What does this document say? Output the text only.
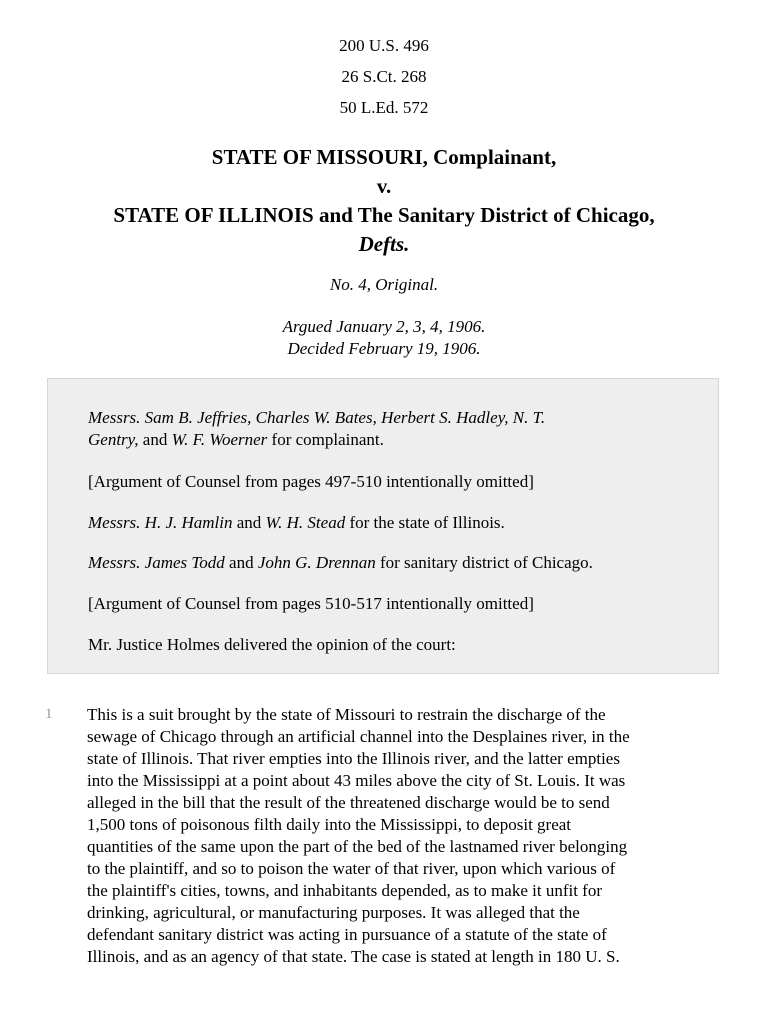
200 U.S. 496
26 S.Ct. 268
50 L.Ed. 572
STATE OF MISSOURI, Complainant,
v.
STATE OF ILLINOIS and The Sanitary District of Chicago,
Defts.
No. 4, Original.
Argued January 2, 3, 4, 1906.
Decided February 19, 1906.
Messrs. Sam B. Jeffries, Charles W. Bates, Herbert S. Hadley, N. T.
Gentry, and W. F. Woerner for complainant.
[Argument of Counsel from pages 497-510 intentionally omitted]
Messrs. H. J. Hamlin and W. H. Stead for the state of Illinois.
Messrs. James Todd and John G. Drennan for sanitary district of Chicago.
[Argument of Counsel from pages 510-517 intentionally omitted]
Mr. Justice Holmes delivered the opinion of the court:
1 This is a suit brought by the state of Missouri to restrain the discharge of the
sewage of Chicago through an artificial channel into the Desplaines river, in the
state of Illinois. That river empties into the Illinois river, and the latter empties
into the Mississippi at a point about 43 miles above the city of St. Louis. It was
alleged in the bill that the result of the threatened discharge would be to send
1,500 tons of poisonous filth daily into the Mississippi, to deposit great
quantities of the same upon the part of the bed of the lastnamed river belonging
to the plaintiff, and so to poison the water of that river, upon which various of
the plaintiff's cities, towns, and inhabitants depended, as to make it unfit for
drinking, agricultural, or manufacturing purposes. It was alleged that the
defendant sanitary district was acting in pursuance of a statute of the state of
Illinois, and as an agency of that state. The case is stated at length in 180 U. S.
